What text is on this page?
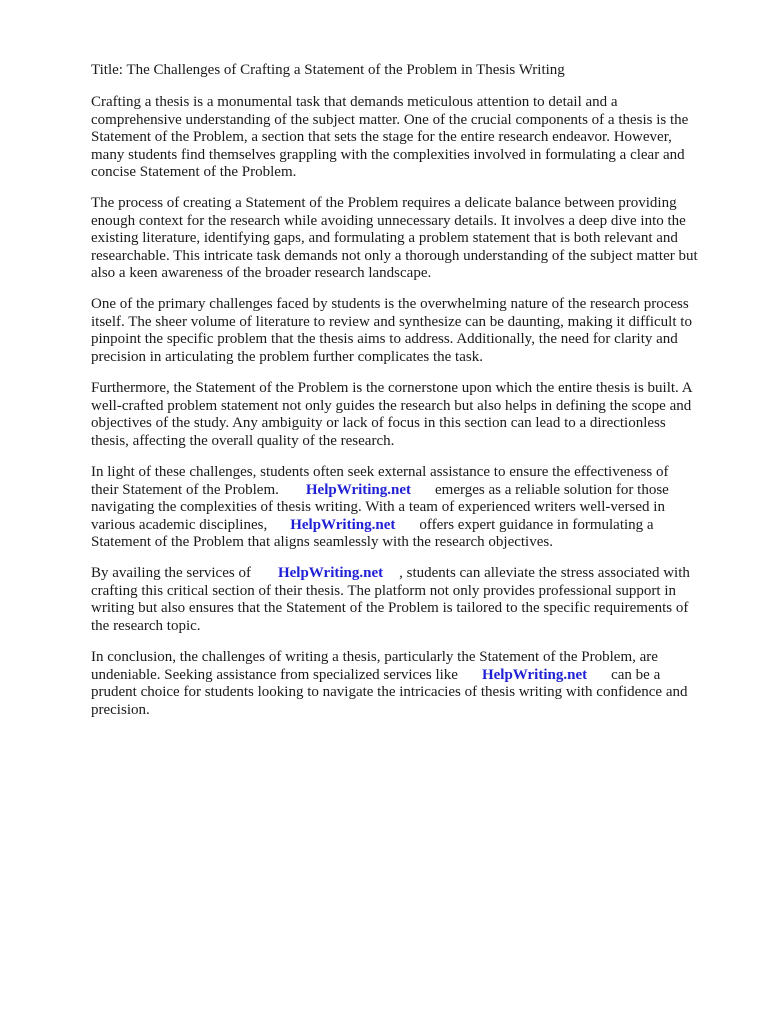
Title: The Challenges of Crafting a Statement of the Problem in Thesis Writing

Crafting a thesis is a monumental task that demands meticulous attention to detail and a
comprehensive understanding of the subject matter. One of the crucial components of a thesis is the
Statement of the Problem, a section that sets the stage for the entire research endeavor. However,
many students find themselves grappling with the complexities involved in formulating a clear and
concise Statement of the Problem.

The process of creating a Statement of the Problem requires a delicate balance between providing
enough context for the research while avoiding unnecessary details. It involves a deep dive into the
existing literature, identifying gaps, and formulating a problem statement that is both relevant and
researchable. This intricate task demands not only a thorough understanding of the subject matter but
also a keen awareness of the broader research landscape.

One of the primary challenges faced by students is the overwhelming nature of the research process
itself. The sheer volume of literature to review and synthesize can be daunting, making it difficult to
pinpoint the specific problem that the thesis aims to address. Additionally, the need for clarity and
precision in articulating the problem further complicates the task.

Furthermore, the Statement of the Problem is the cornerstone upon which the entire thesis is built. A
well-crafted problem statement not only guides the research but also helps in defining the scope and
objectives of the study. Any ambiguity or lack of focus in this section can lead to a directionless
thesis, affecting the overall quality of the research.

In light of these challenges, students often seek external assistance to ensure the effectiveness of
their Statement of the Problem. HelpWriting.net emerges as a reliable solution for those
navigating the complexities of thesis writing. With a team of experienced writers well-versed in
various academic disciplines, HelpWriting.net offers expert guidance in formulating a
Statement of the Problem that aligns seamlessly with the research objectives.

By availing the services of HelpWriting.net , students can alleviate the stress associated with
crafting this critical section of their thesis. The platform not only provides professional support in
writing but also ensures that the Statement of the Problem is tailored to the specific requirements of
the research topic.

In conclusion, the challenges of writing a thesis, particularly the Statement of the Problem, are
undeniable. Seeking assistance from specialized services like HelpWriting.net can be a
prudent choice for students looking to navigate the intricacies of thesis writing with confidence and
precision.
